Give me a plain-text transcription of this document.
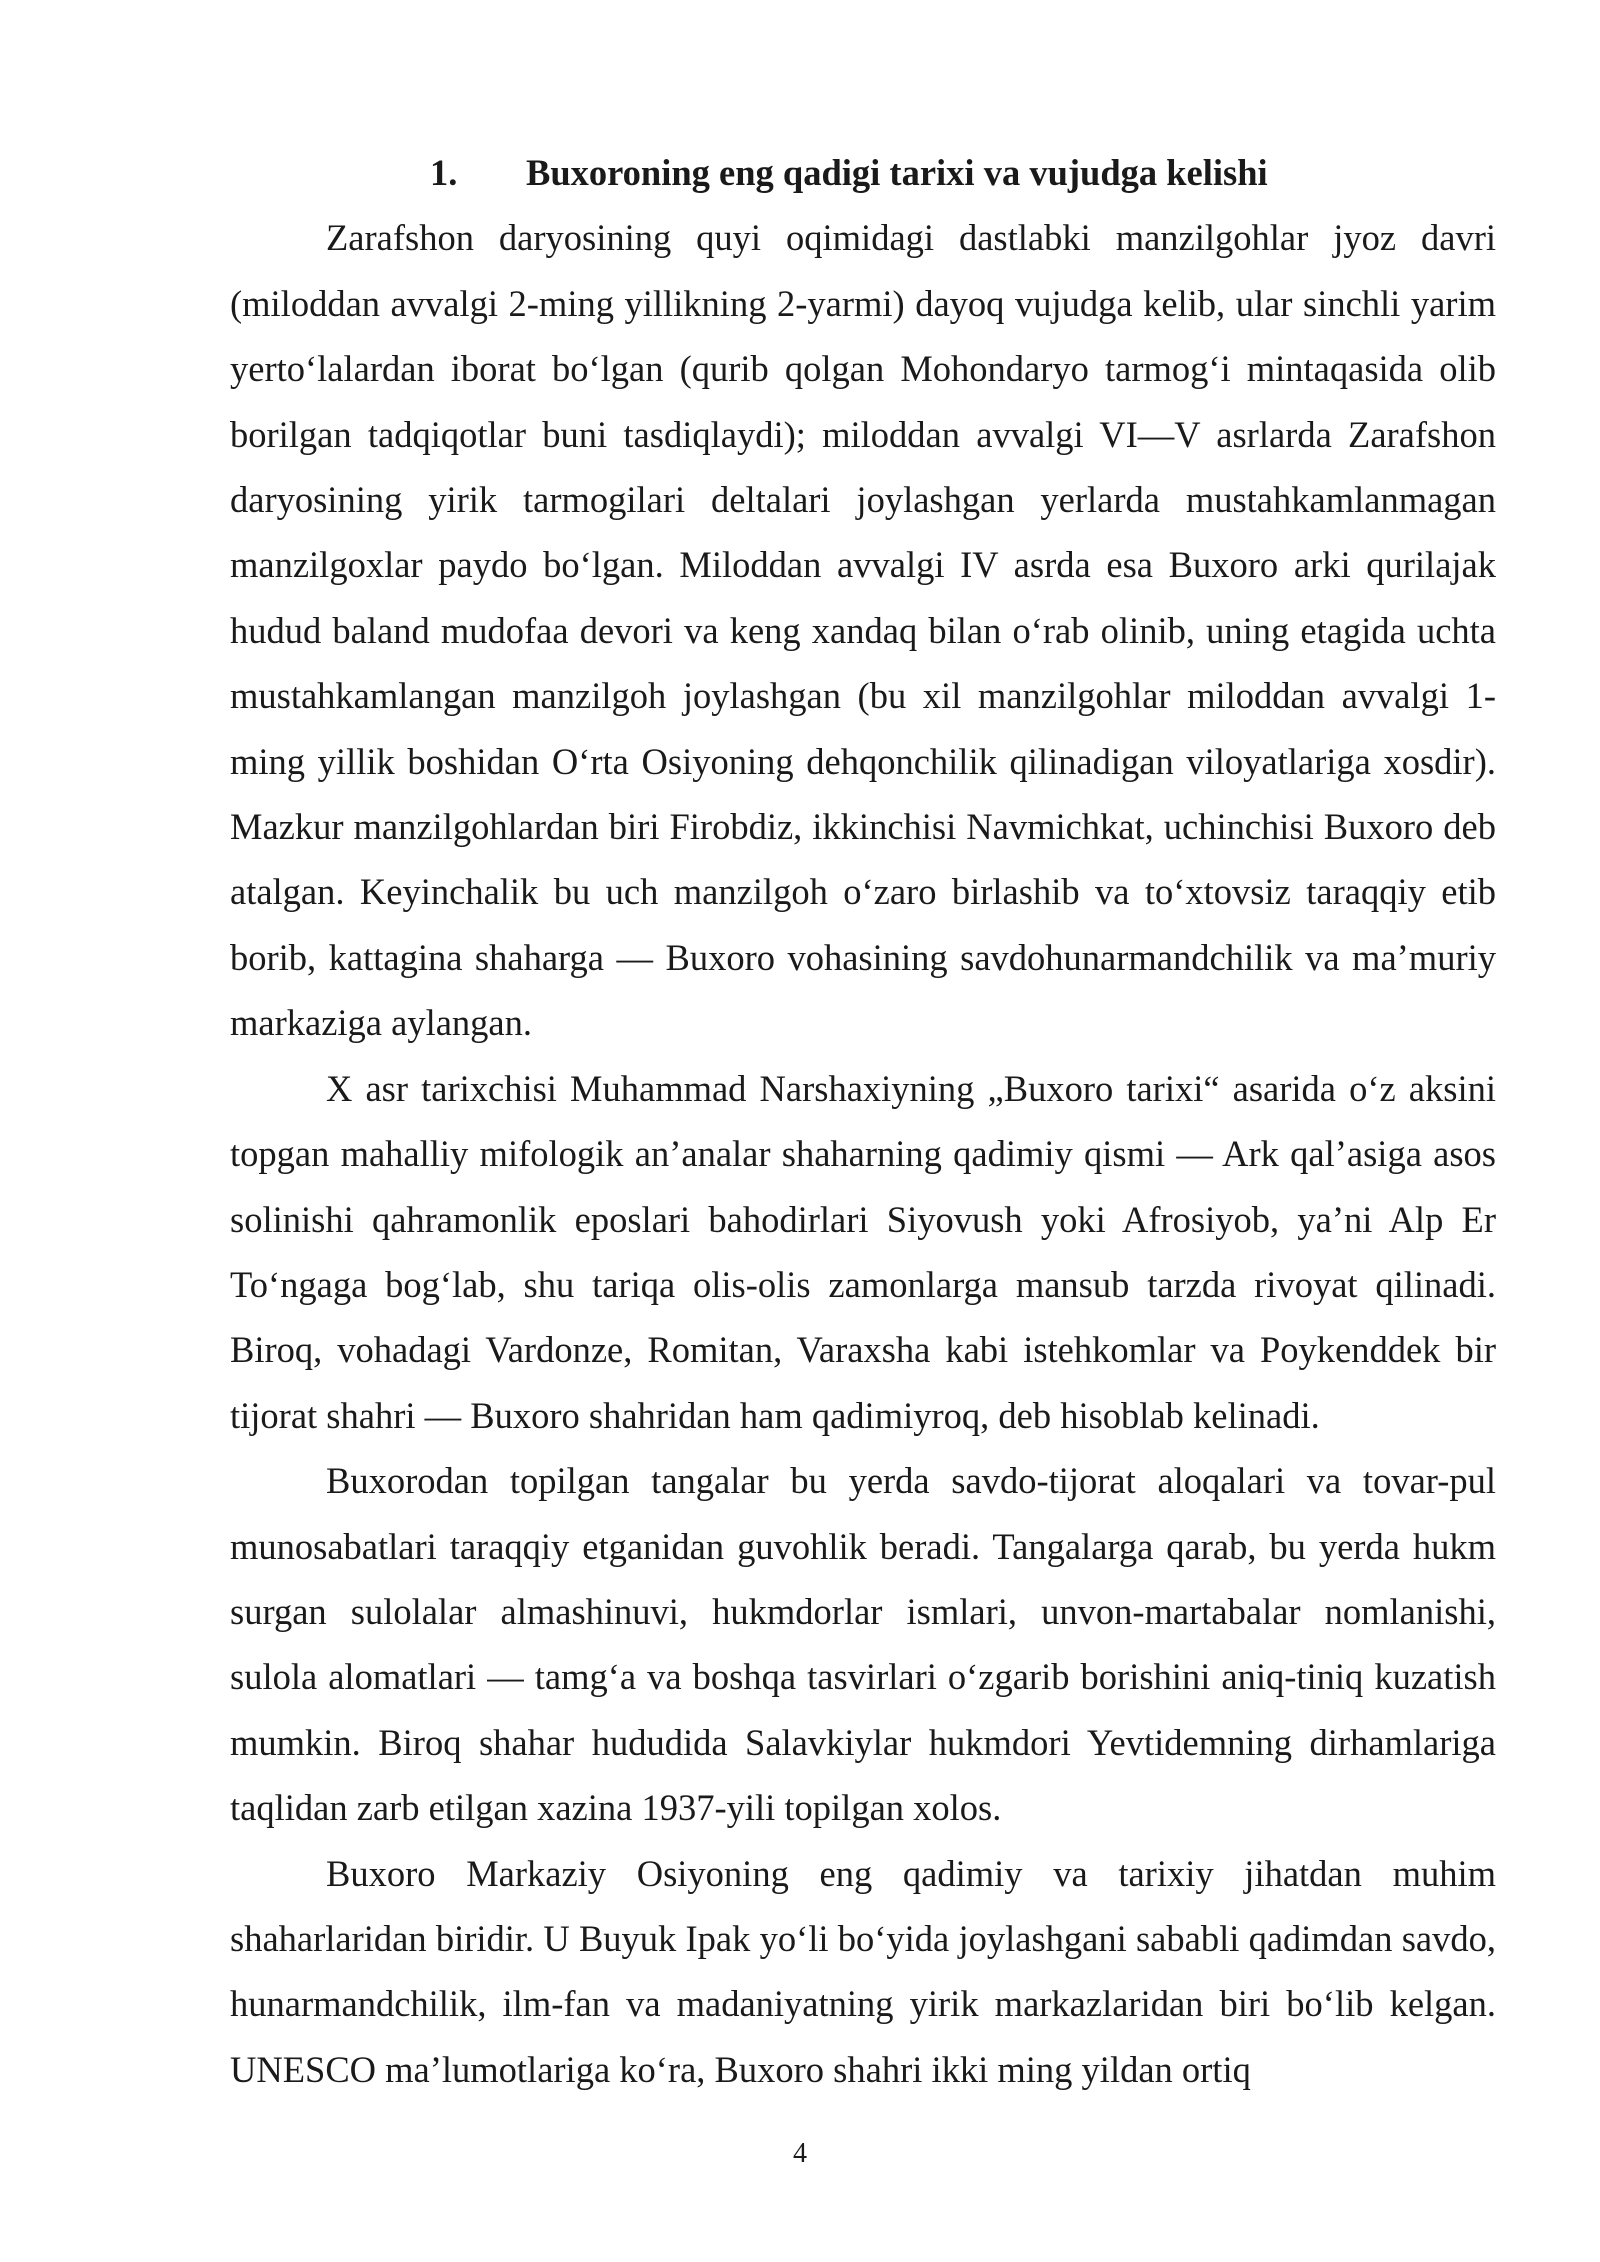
1. Buxoroning eng qadigi tarixi va vujudga kelishi

Zarafshon daryosining quyi oqimidagi dastlabki manzilgohlar jyoz davri (miloddan avvalgi 2-ming yillikning 2-yarmi) dayoq vujudga kelib, ular sinchli yarim yerto‘lalardan iborat bo‘lgan (qurib qolgan Mohondaryo tarmog‘i mintaqasida olib borilgan tadqiqotlar buni tasdiqlaydi); miloddan avvalgi VI—V asrlarda Zarafshon daryosining yirik tarmogilari deltalari joylashgan yerlarda mustahkamlanmagan manzilgoxlar paydo bo‘lgan. Miloddan avvalgi IV asrda esa Buxoro arki qurilajak hudud baland mudofaa devori va keng xandaq bilan o‘rab olinib, uning etagida uchta mustahkamlangan manzilgoh joylashgan (bu xil manzilgohlar miloddan avvalgi 1-ming yillik boshidan O‘rta Osiyoning dehqonchilik qilinadigan viloyatlariga xosdir). Mazkur manzilgohlardan biri Firobdiz, ikkinchisi Navmichkat, uchinchisi Buxoro deb atalgan. Keyinchalik bu uch manzilgoh o‘zaro birlashib va to‘xtovsiz taraqqiy etib borib, kattagina shaharga — Buxoro vohasining savdohunarmandchilik va ma’muriy markaziga aylangan.

X asr tarixchisi Muhammad Narshaxiyning „Buxoro tarixi“ asarida o‘z aksini topgan mahalliy mifologik an’analar shaharning qadimiy qismi — Ark qal’asiga asos solinishi qahramonlik eposlari bahodirlari Siyovush yoki Afrosiyob, ya’ni Alp Er To‘ngaga bog‘lab, shu tariqa olis-olis zamonlarga mansub tarzda rivoyat qilinadi. Biroq, vohadagi Vardonze, Romitan, Varaxsha kabi istehkomlar va Poykenddek bir tijorat shahri — Buxoro shahridan ham qadimiyroq, deb hisoblab kelinadi.

Buxorodan topilgan tangalar bu yerda savdo-tijorat aloqalari va tovar-pul munosabatlari taraqqiy etganidan guvohlik beradi. Tangalarga qarab, bu yerda hukm surgan sulolalar almashinuvi, hukmdorlar ismlari, unvon-martabalar nomlanishi, sulola alomatlari — tamg‘a va boshqa tasvirlari o‘zgarib borishini aniq-tiniq kuzatish mumkin. Biroq shahar hududida Salavkiylar hukmdori Yevtidemning dirhamlariga taqlidan zarb etilgan xazina 1937-yili topilgan xolos.

Buxoro Markaziy Osiyoning eng qadimiy va tarixiy jihatdan muhim shaharlaridan biridir. U Buyuk Ipak yo‘li bo‘yida joylashgani sababli qadimdan savdo, hunarmandchilik, ilm-fan va madaniyatning yirik markazlaridan biri bo‘lib kelgan. UNESCO ma’lumotlariga ko‘ra, Buxoro shahri ikki ming yildan ortiq

4
